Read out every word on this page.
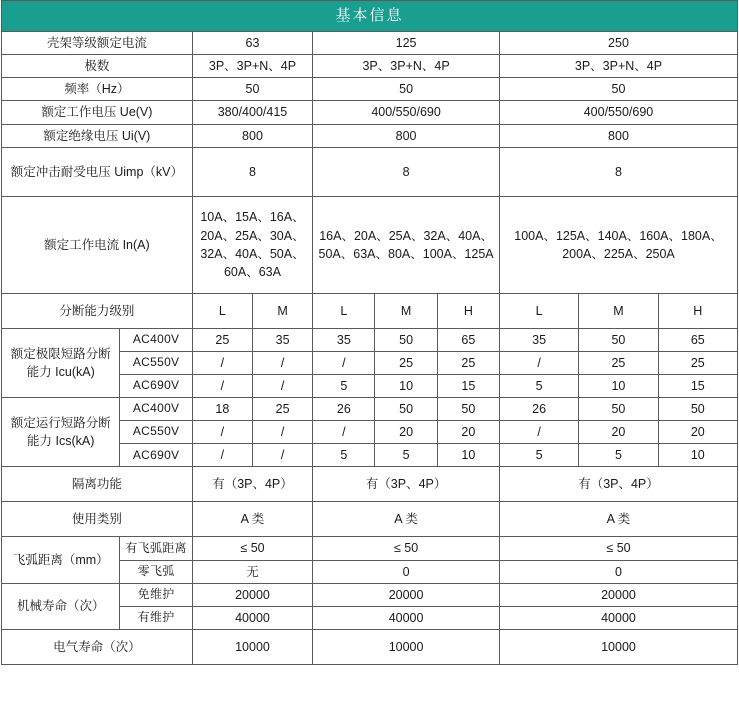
基本信息									
壳架等级额定电流		63		125			250		
极数		3P、3P+N、4P		3P、3P+N、4P			3P、3P+N、4P		
频率（Hz）		50		50			50		
额定工作电压 Ue(V)		380/400/415		400/550/690			400/550/690		
额定绝缘电压 Ui(V)		800		800			800		
额定冲击耐受电压 Uimp（kV）		8		8			8		
额定工作电流 In(A)		10A、15A、16A、20A、25A、30A、32A、40A、50A、60A、63A		16A、20A、25A、32A、40A、50A、63A、80A、100A、125A			100A、125A、140A、160A、180A、200A、225A、250A		
分断能力级别		L	M	L	M	H	L	M	H
额定极限短路分断能力 Icu(kA)	AC400V	25	35	35	50	65	35	50	65
	AC550V	/	/	/	25	25	/	25	25
	AC690V	/	/	5	10	15	5	10	15
额定运行短路分断能力 Ics(kA)	AC400V	18	25	26	50	50	26	50	50
	AC550V	/	/	/	20	20	/	20	20
	AC690V	/	/	5	5	10	5	5	10
隔离功能		有（3P、4P）		有（3P、4P）			有（3P、4P）		
使用类别		A 类		A 类			A 类		
飞弧距离（mm）	有飞弧距离	≤ 50		≤ 50			≤ 50		
	零飞弧	无		0			0		
机械寿命（次）	免维护	20000		20000			20000		
	有维护	40000		40000			40000		
电气寿命（次）		10000		10000			10000		
